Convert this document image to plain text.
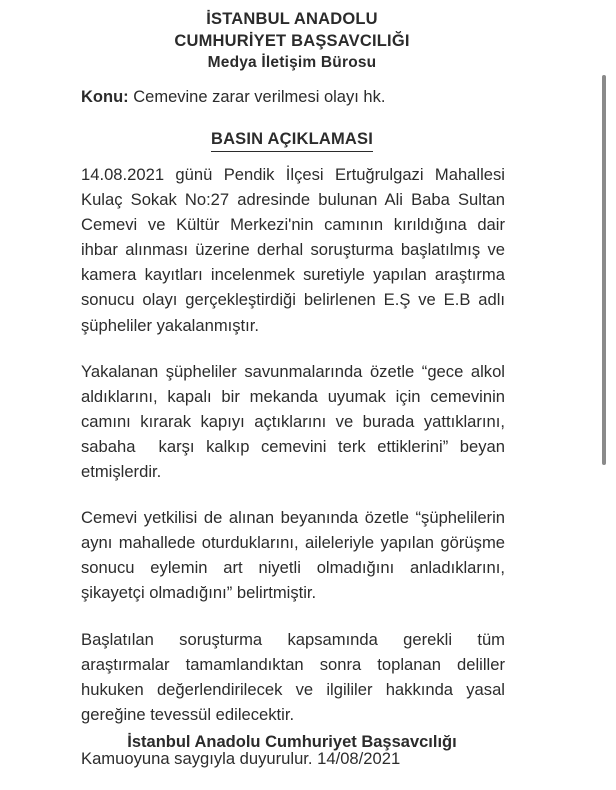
İSTANBUL ANADOLU
CUMHURİYET BAŞSAVCILIĞI
Medya İletişim Bürosu
Konu: Cemevine zarar verilmesi olayı hk.
BASIN AÇIKLAMASI

14.08.2021 günü Pendik İlçesi Ertuğrulgazi Mahallesi Kulaç Sokak No:27 adresinde bulunan Ali Baba Sultan Cemevi ve Kültür Merkezi'nin camının kırıldığına dair ihbar alınması üzerine derhal soruşturma başlatılmış ve kamera kayıtları incelenmek suretiyle yapılan araştırma sonucu olayı gerçekleştirdiği belirlenen E.Ş ve E.B adlı şüpheliler yakalanmıştır.

Yakalanan şüpheliler savunmalarında özetle “gece alkol aldıklarını, kapalı bir mekanda uyumak için cemevinin camını kırarak kapıyı açtıklarını ve burada yattıklarını, sabaha  karşı kalkıp cemevini terk ettiklerini” beyan etmişlerdir.

Cemevi yetkilisi de alınan beyanında özetle “şüphelilerin aynı mahallede oturduklarını, aileleriyle yapılan görüşme sonucu eylemin art niyetli olmadığını anladıklarını, şikayetçi olmadığını” belirtmiştir.

Başlatılan soruşturma kapsamında gerekli tüm araştırmalar tamamlandıktan sonra toplanan deliller hukuken değerlendirilecek ve ilgililer hakkında yasal gereğine tevessül edilecektir.

Kamuoyuna saygıyla duyurulur. 14/08/2021

İstanbul Anadolu Cumhuriyet Başsavcılığı
